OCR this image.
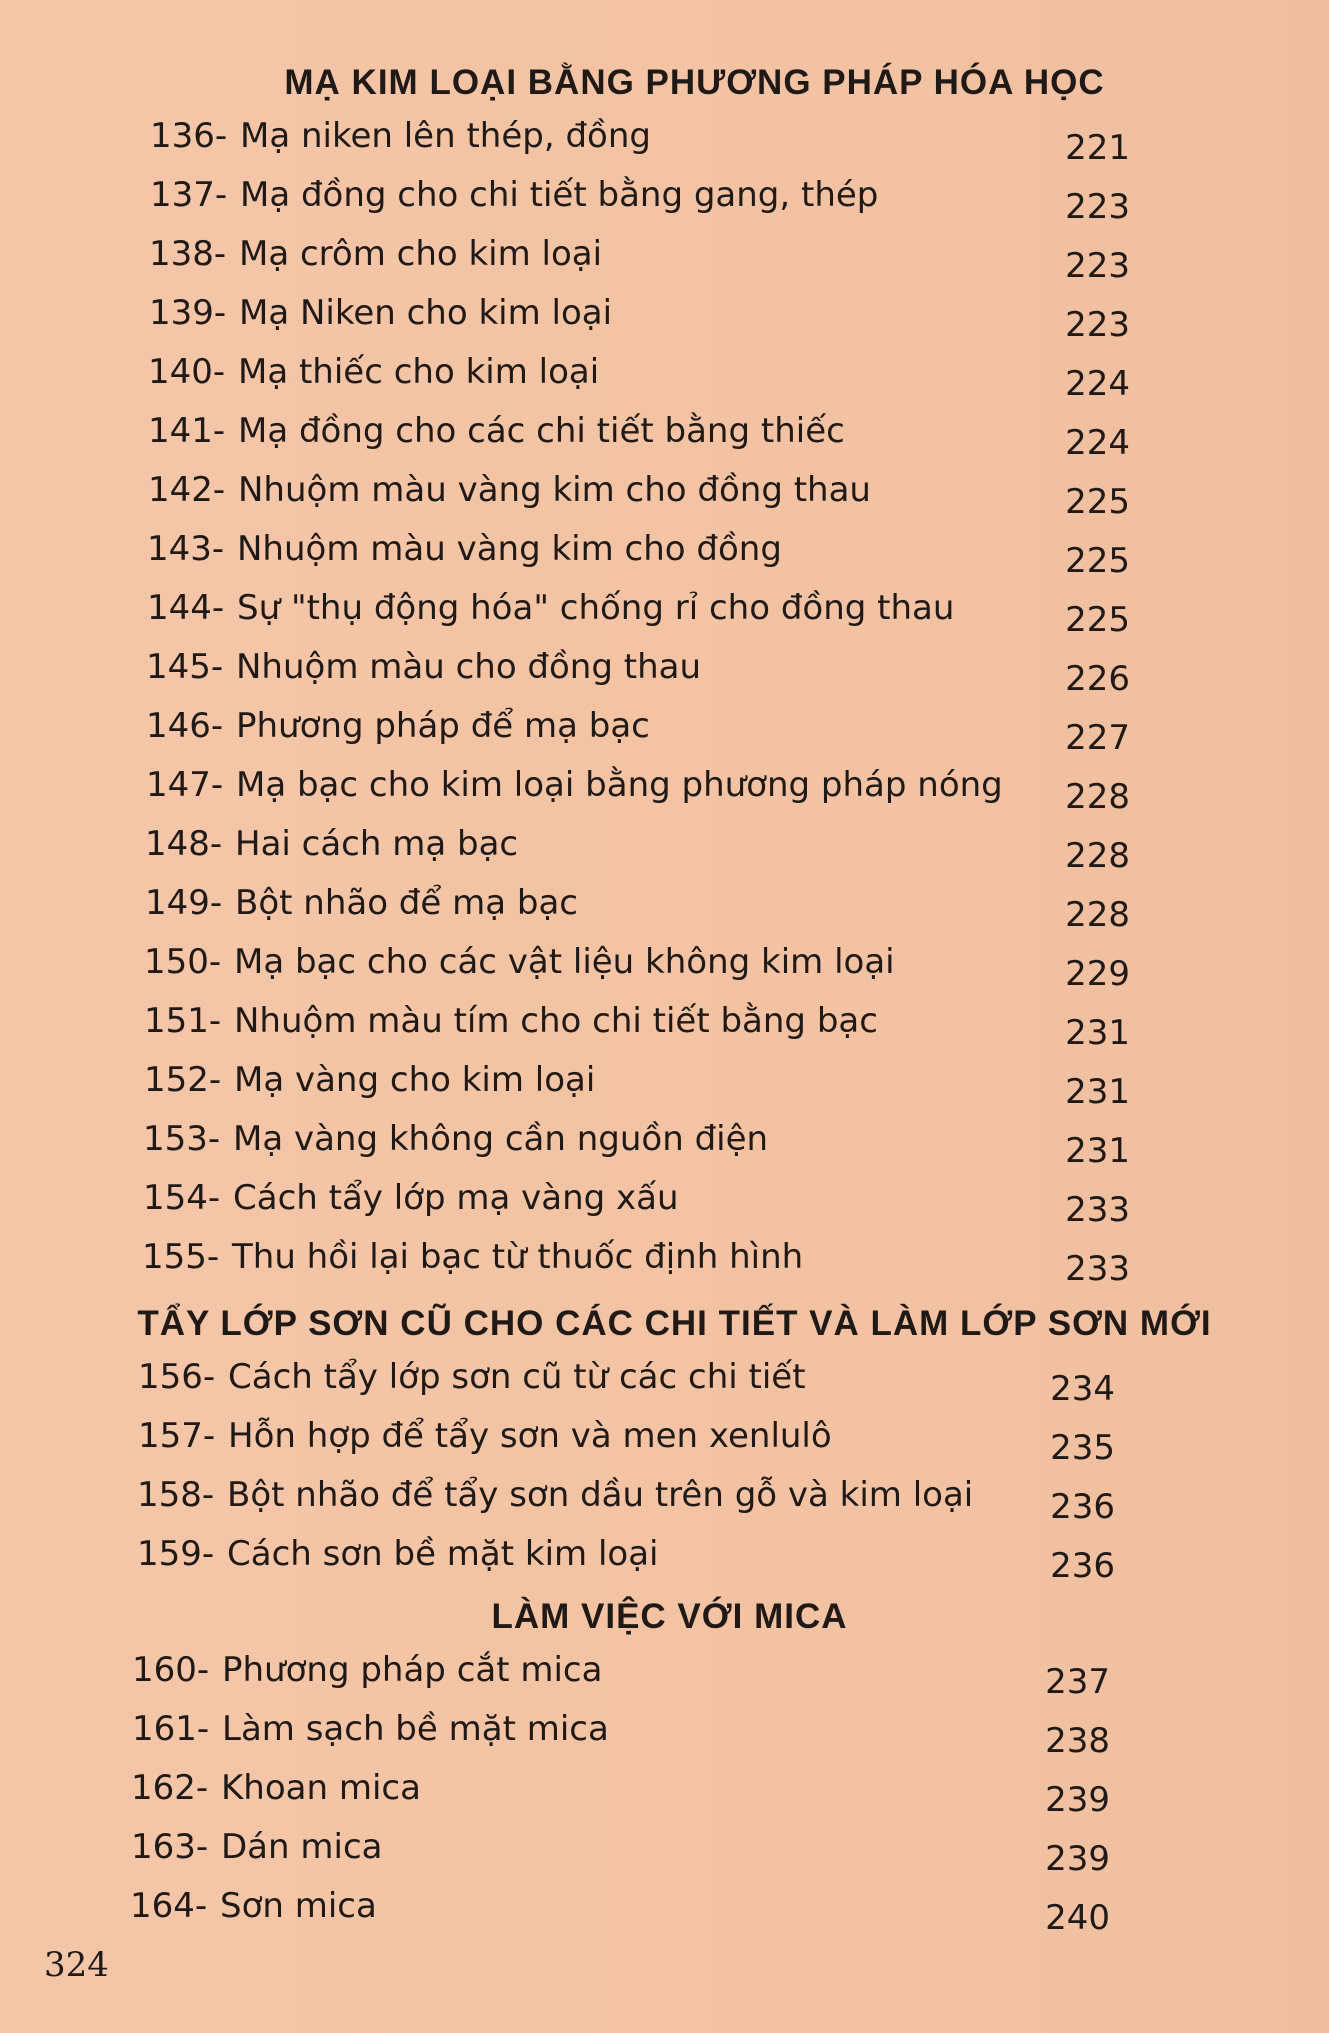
MẠ KIM LOẠI BẰNG PHƯƠNG PHÁP HÓA HỌC
136- Mạ niken lên thép, đồng	221
137- Mạ đồng cho chi tiết bằng gang, thép	223
138- Mạ crôm cho kim loại	223
139- Mạ Niken cho kim loại	223
140- Mạ thiếc cho kim loại	224
141- Mạ đồng cho các chi tiết bằng thiếc	224
142- Nhuộm màu vàng kim cho đồng thau	225
143- Nhuộm màu vàng kim cho đồng	225
144- Sự "thụ động hóa" chống rỉ cho đồng thau	225
145- Nhuộm màu cho đồng thau	226
146- Phương pháp để mạ bạc	227
147- Mạ bạc cho kim loại bằng phương pháp nóng	228
148- Hai cách mạ bạc	228
149- Bột nhão để mạ bạc	228
150- Mạ bạc cho các vật liệu không kim loại	229
151- Nhuộm màu tím cho chi tiết bằng bạc	231
152- Mạ vàng cho kim loại	231
153- Mạ vàng không cần nguồn điện	231
154- Cách tẩy lớp mạ vàng xấu	233
155- Thu hồi lại bạc từ thuốc định hình	233
TẨY LỚP SƠN CŨ CHO CÁC CHI TIẾT VÀ LÀM LỚP SƠN MỚI
156- Cách tẩy lớp sơn cũ từ các chi tiết	234
157- Hỗn hợp để tẩy sơn và men xenlulô	235
158- Bột nhão để tẩy sơn dầu trên gỗ và kim loại	236
159- Cách sơn bề mặt kim loại	236
LÀM VIỆC VỚI MICA
160- Phương pháp cắt mica	237
161- Làm sạch bề mặt mica	238
162- Khoan mica	239
163- Dán mica	239
164- Sơn mica	240
324
